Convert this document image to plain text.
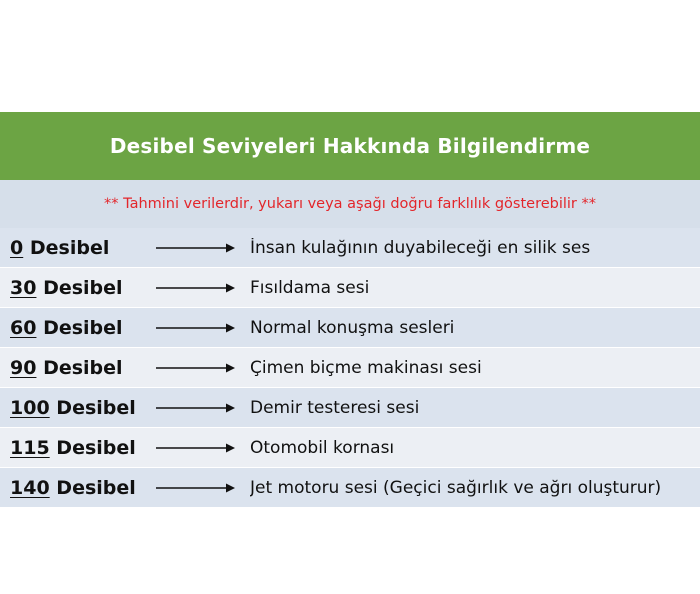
Desibel Seviyeleri Hakkında Bilgilendirme
** Tahmini verilerdir, yukarı veya aşağı doğru farklılık gösterebilir **
0 Desibel	İnsan kulağının duyabileceği en silik ses
30 Desibel	Fısıldama sesi
60 Desibel	Normal konuşma sesleri
90 Desibel	Çimen biçme makinası sesi
100 Desibel	Demir testeresi sesi
115 Desibel	Otomobil kornası
140 Desibel	Jet motoru sesi (Geçici sağırlık ve ağrı oluşturur)
